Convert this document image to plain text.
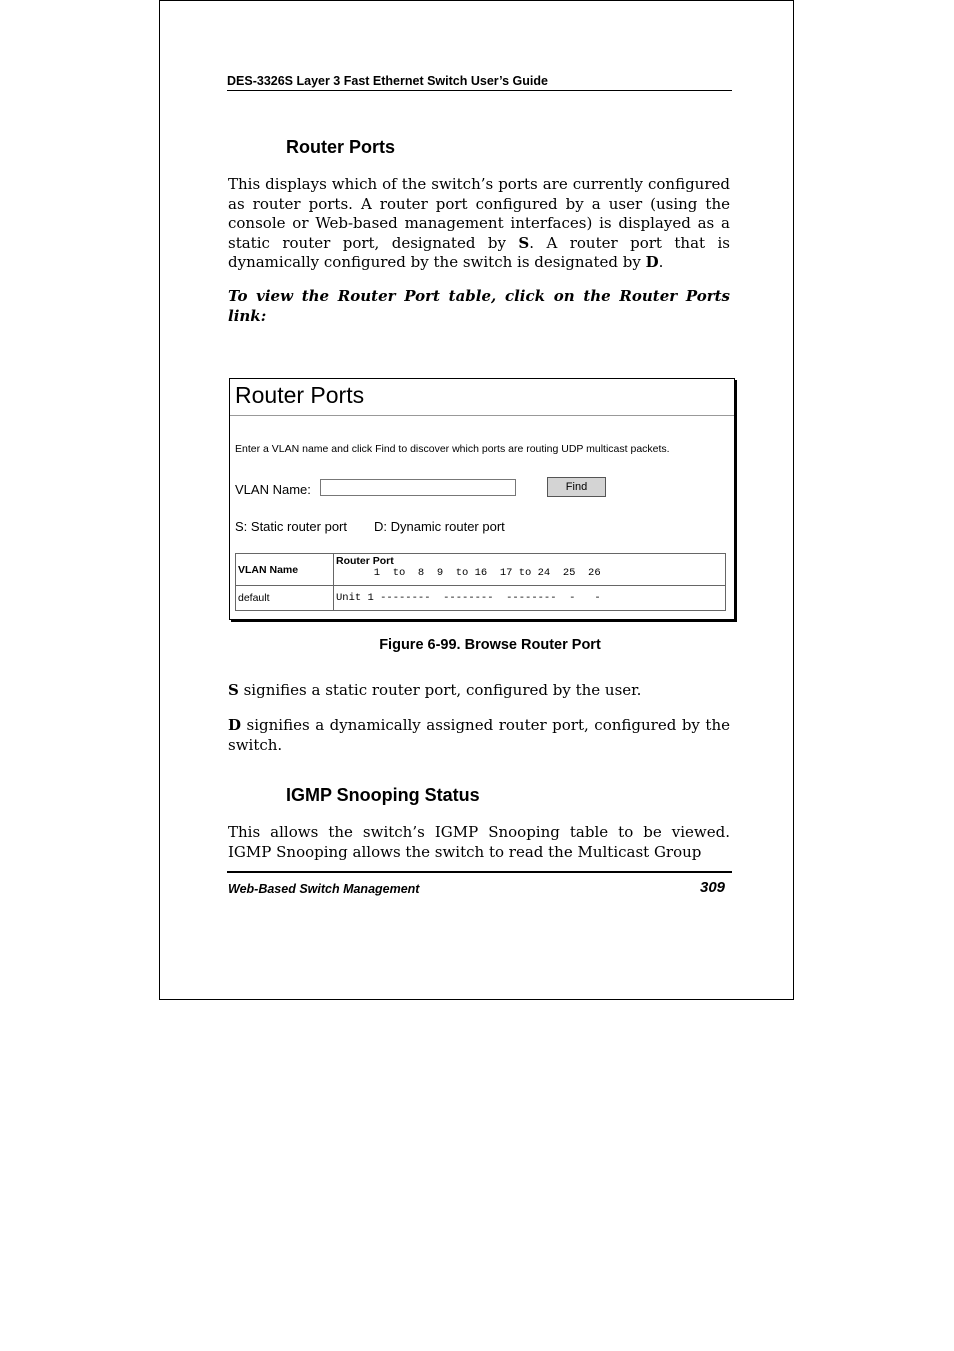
DES-3326S Layer 3 Fast Ethernet Switch User’s Guide
Router Ports
This displays which of the switch’s ports are currently configured as router ports. A router port configured by a user (using the console or Web-based management interfaces) is displayed as a static router port, designated by S. A router port that is dynamically configured by the switch is designated by D.
To view the Router Port table, click on the Router Ports link:
Router Ports
Enter a VLAN name and click Find to discover which ports are routing UDP multicast packets.
VLAN Name:	Find
S: Static router port D: Dynamic router port
VLAN Name	Router Port
1  to  8  9  to 16  17 to 24  25  26

default	Unit 1 --------  --------  --------  -   -
Figure 6-99. Browse Router Port
S signifies a static router port, configured by the user.
D signifies a dynamically assigned router port, configured by the switch.
IGMP Snooping Status
This allows the switch’s IGMP Snooping table to be viewed. IGMP Snooping allows the switch to read the Multicast Group
Web-Based Switch Management	309
